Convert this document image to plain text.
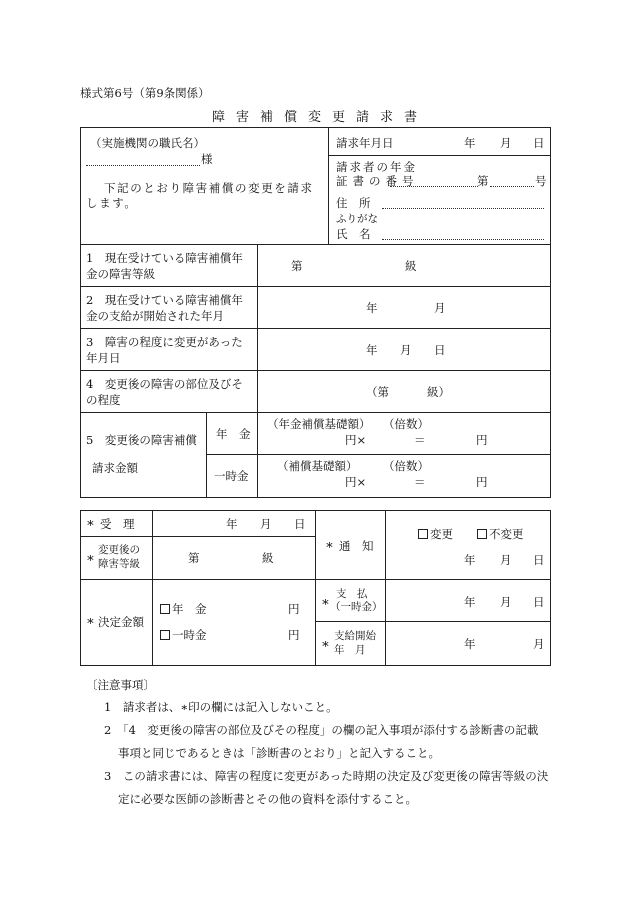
様式第6号（第9条関係）
障害補償変更請求書
（実施機関の職氏名）
様
下記のとおり障害補償の変更を請求
します。
請求年月日	年 月 日
請求者の年金
証書の番号	第	号
住　所
ふりがな
氏　名
1　現在受けている障害補償年
金の障害等級
第	級
2　現在受けている障害補償年
金の支給が開始された年月
年	月
3　障害の程度に変更があった
年月日
年 月 日
4　変更後の障害の部位及びそ
の程度
（第	級）
5　変更後の障害補償
請求金額
年　金
（年金補償基礎額） （倍数）
円×	＝	円
一時金
（補償基礎額） （倍数）
円×	＝	円
∗ 受　理	年 月 日
∗
変更後の
障害等級	第	級
∗ 通　知
変更	不変更
年 月 日
∗ 決定金額
年　金	円
一時金	円
∗
支　払
（一時金）	年 月 日
∗
支給開始
年　月	年	月
〔注意事項〕
1　請求者は、∗印の欄には記入しないこと。
2　「4　変更後の障害の部位及びその程度」の欄の記入事項が添付する診断書の記載
事項と同じであるときは「診断書のとおり」と記入すること。
3　この請求書には、障害の程度に変更があった時期の決定及び変更後の障害等級の決
定に必要な医師の診断書とその他の資料を添付すること。
